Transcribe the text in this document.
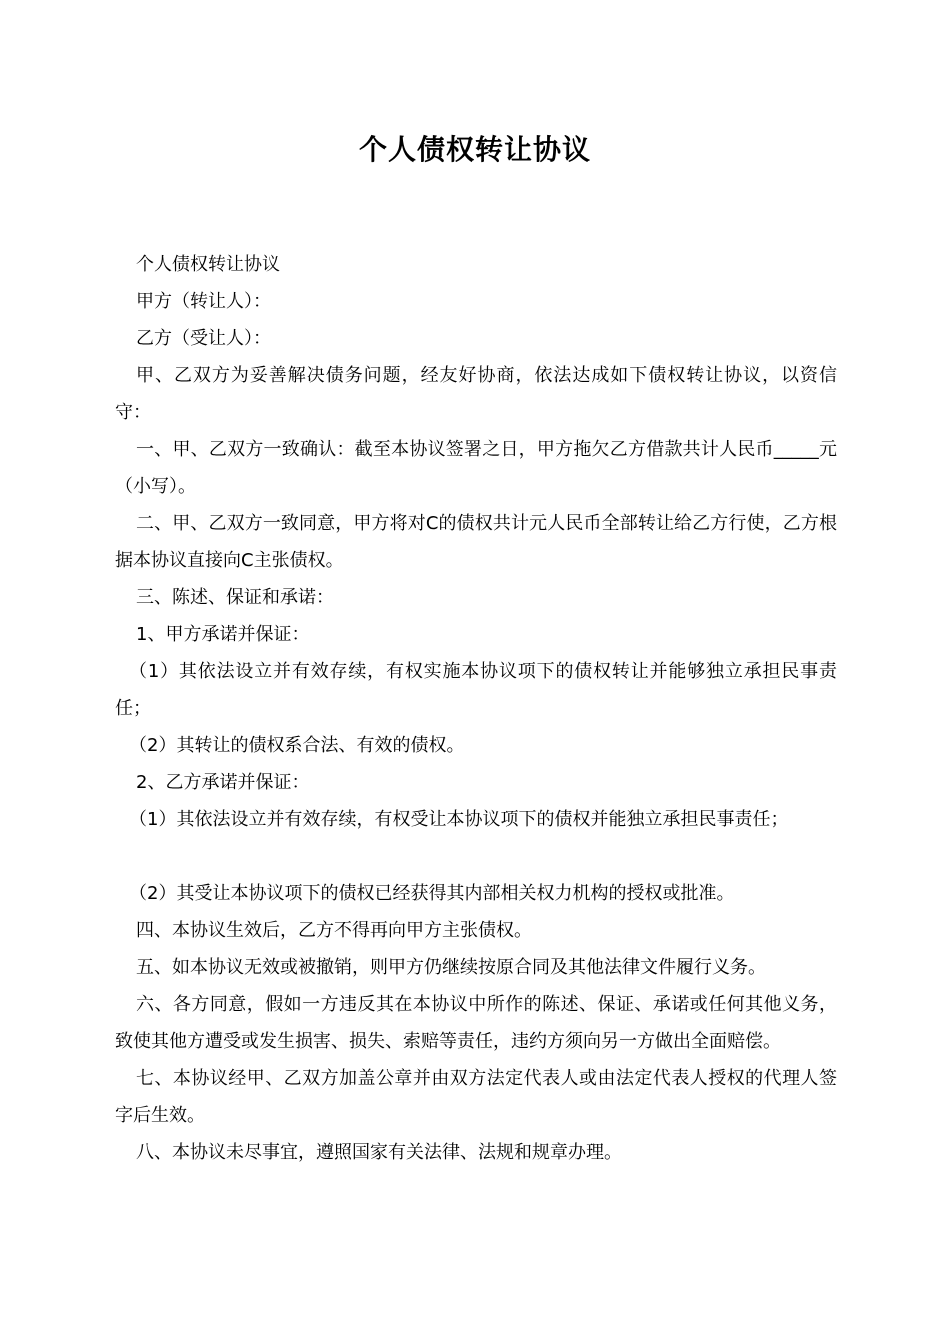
个人债权转让协议

个人债权转让协议

甲方（转让人）：

乙方（受让人）：

甲、乙双方为妥善解决债务问题，经友好协商，依法达成如下债权转让协议，以资信守：

一、甲、乙双方一致确认：截至本协议签署之日，甲方拖欠乙方借款共计人民币_____元（小写）。

二、甲、乙双方一致同意，甲方将对C的债权共计元人民币全部转让给乙方行使，乙方根据本协议直接向C主张债权。

三、陈述、保证和承诺：

1、甲方承诺并保证：

（1）其依法设立并有效存续，有权实施本协议项下的债权转让并能够独立承担民事责任；

（2）其转让的债权系合法、有效的债权。

2、乙方承诺并保证：

（1）其依法设立并有效存续，有权受让本协议项下的债权并能独立承担民事责任；

（2）其受让本协议项下的债权已经获得其内部相关权力机构的授权或批准。

四、本协议生效后，乙方不得再向甲方主张债权。

五、如本协议无效或被撤销，则甲方仍继续按原合同及其他法律文件履行义务。

六、各方同意，假如一方违反其在本协议中所作的陈述、保证、承诺或任何其他义务，致使其他方遭受或发生损害、损失、索赔等责任，违约方须向另一方做出全面赔偿。

七、本协议经甲、乙双方加盖公章并由双方法定代表人或由法定代表人授权的代理人签字后生效。

八、本协议未尽事宜，遵照国家有关法律、法规和规章办理。
